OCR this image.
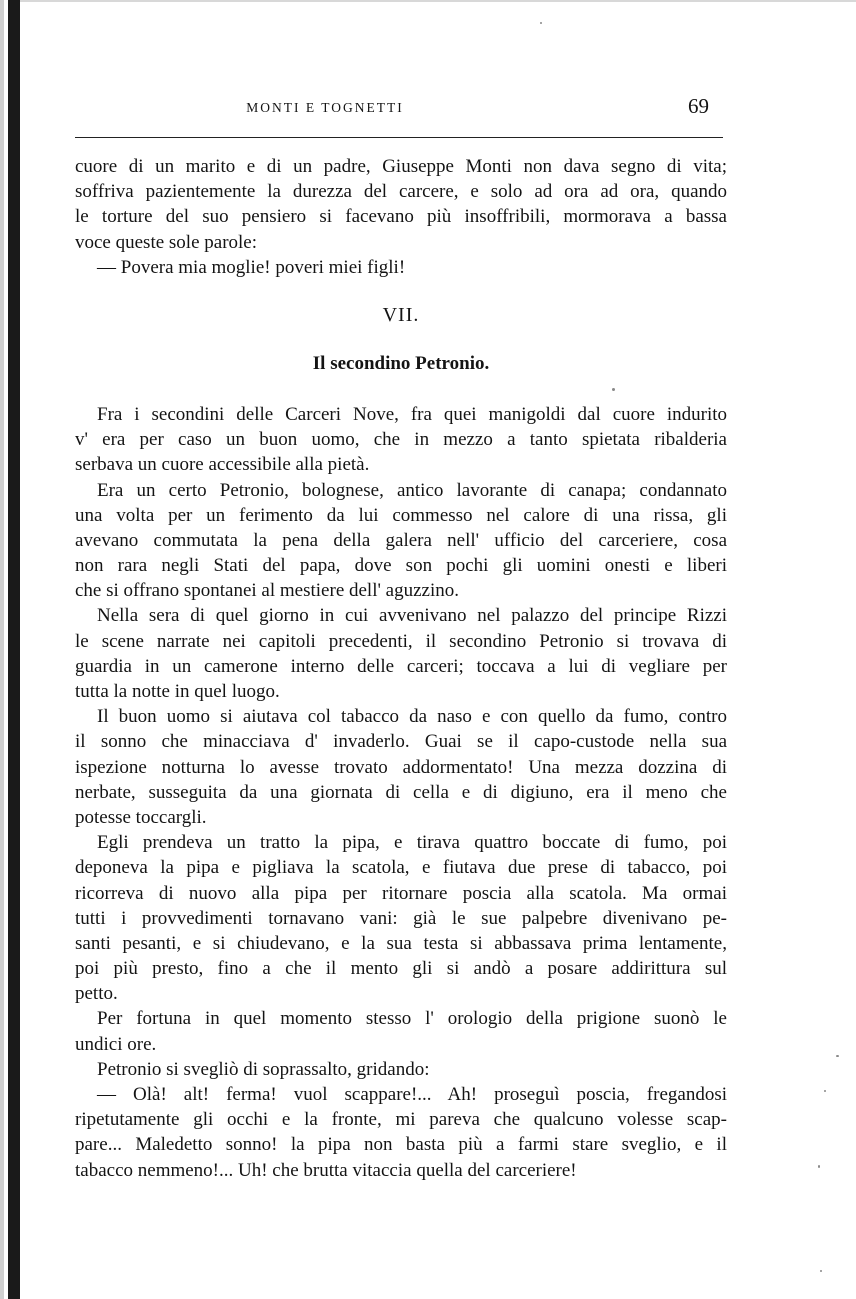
MONTI E TOGNETTI	69
cuore di un marito e di un padre, Giuseppe Monti non dava segno di vita;
soffriva pazientemente la durezza del carcere, e solo ad ora ad ora, quando
le torture del suo pensiero si facevano più insoffribili, mormorava a bassa
voce queste sole parole:
— Povera mia moglie! poveri miei figli!
VII.
Il secondino Petronio.
Fra i secondini delle Carceri Nove, fra quei manigoldi dal cuore indurito
v' era per caso un buon uomo, che in mezzo a tanto spietata ribalderia
serbava un cuore accessibile alla pietà.
Era un certo Petronio, bolognese, antico lavorante di canapa; condannato
una volta per un ferimento da lui commesso nel calore di una rissa, gli
avevano commutata la pena della galera nell' ufficio del carceriere, cosa
non rara negli Stati del papa, dove son pochi gli uomini onesti e liberi
che si offrano spontanei al mestiere dell' aguzzino.
Nella sera di quel giorno in cui avvenivano nel palazzo del principe Rizzi
le scene narrate nei capitoli precedenti, il secondino Petronio si trovava di
guardia in un camerone interno delle carceri; toccava a lui di vegliare per
tutta la notte in quel luogo.
Il buon uomo si aiutava col tabacco da naso e con quello da fumo, contro
il sonno che minacciava d' invaderlo. Guai se il capo-custode nella sua
ispezione notturna lo avesse trovato addormentato! Una mezza dozzina di
nerbate, susseguita da una giornata di cella e di digiuno, era il meno che
potesse toccargli.
Egli prendeva un tratto la pipa, e tirava quattro boccate di fumo, poi
deponeva la pipa e pigliava la scatola, e fiutava due prese di tabacco, poi
ricorreva di nuovo alla pipa per ritornare poscia alla scatola. Ma ormai
tutti i provvedimenti tornavano vani: già le sue palpebre divenivano pe-
santi pesanti, e si chiudevano, e la sua testa si abbassava prima lentamente,
poi più presto, fino a che il mento gli si andò a posare addirittura sul
petto.
Per fortuna in quel momento stesso l' orologio della prigione suonò le
undici ore.
Petronio si svegliò di soprassalto, gridando:
— Olà! alt! ferma! vuol scappare!... Ah! proseguì poscia, fregandosi
ripetutamente gli occhi e la fronte, mi pareva che qualcuno volesse scap-
pare... Maledetto sonno! la pipa non basta più a farmi stare sveglio, e il
tabacco nemmeno!... Uh! che brutta vitaccia quella del carceriere!
